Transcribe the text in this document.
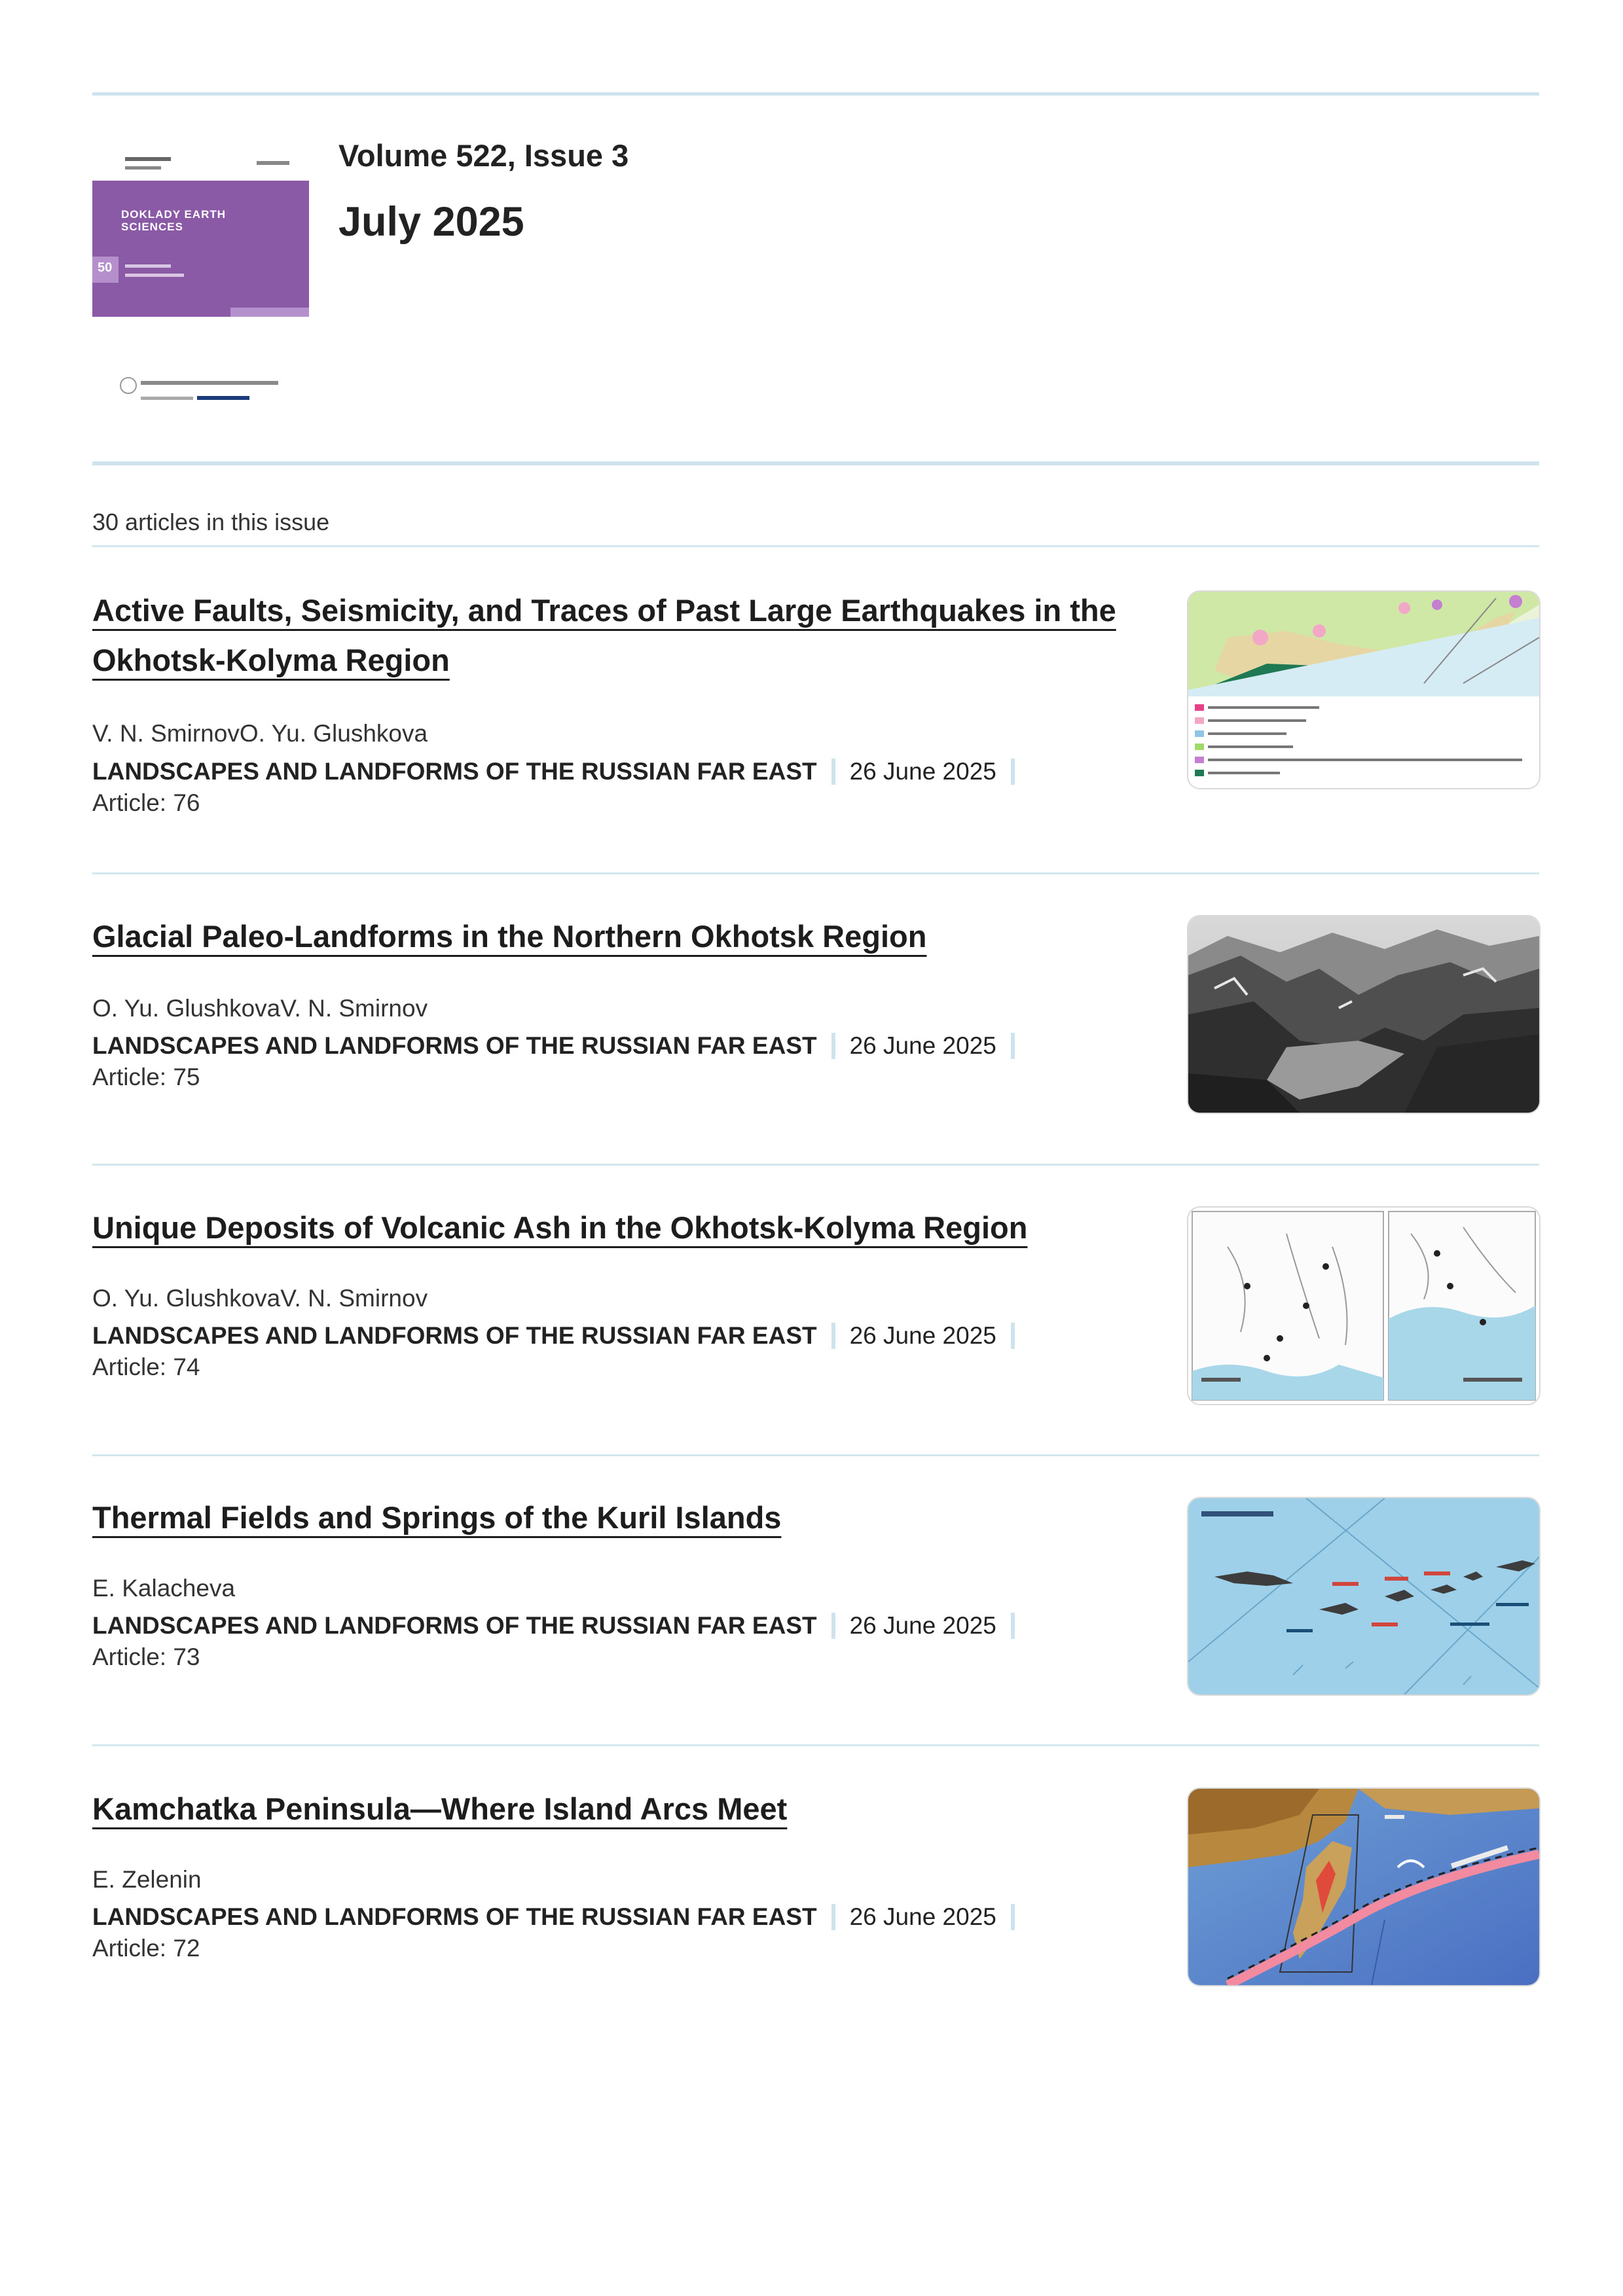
DOKLADY EARTH
SCIENCES
50
Volume 522, Issue 3
July 2025
30 articles in this issue
Active Faults, Seismicity, and Traces of Past Large Earthquakes in the Okhotsk-Kolyma Region
V. N. SmirnovO. Yu. Glushkova
LANDSCAPES AND LANDFORMS OF THE RUSSIAN FAR EAST 26 June 2025
Article: 76
Glacial Paleo-Landforms in the Northern Okhotsk Region
O. Yu. GlushkovaV. N. Smirnov
LANDSCAPES AND LANDFORMS OF THE RUSSIAN FAR EAST 26 June 2025
Article: 75
Unique Deposits of Volcanic Ash in the Okhotsk-Kolyma Region
O. Yu. GlushkovaV. N. Smirnov
LANDSCAPES AND LANDFORMS OF THE RUSSIAN FAR EAST 26 June 2025
Article: 74
Thermal Fields and Springs of the Kuril Islands
E. Kalacheva
LANDSCAPES AND LANDFORMS OF THE RUSSIAN FAR EAST 26 June 2025
Article: 73
Kamchatka Peninsula—Where Island Arcs Meet
E. Zelenin
LANDSCAPES AND LANDFORMS OF THE RUSSIAN FAR EAST 26 June 2025
Article: 72
